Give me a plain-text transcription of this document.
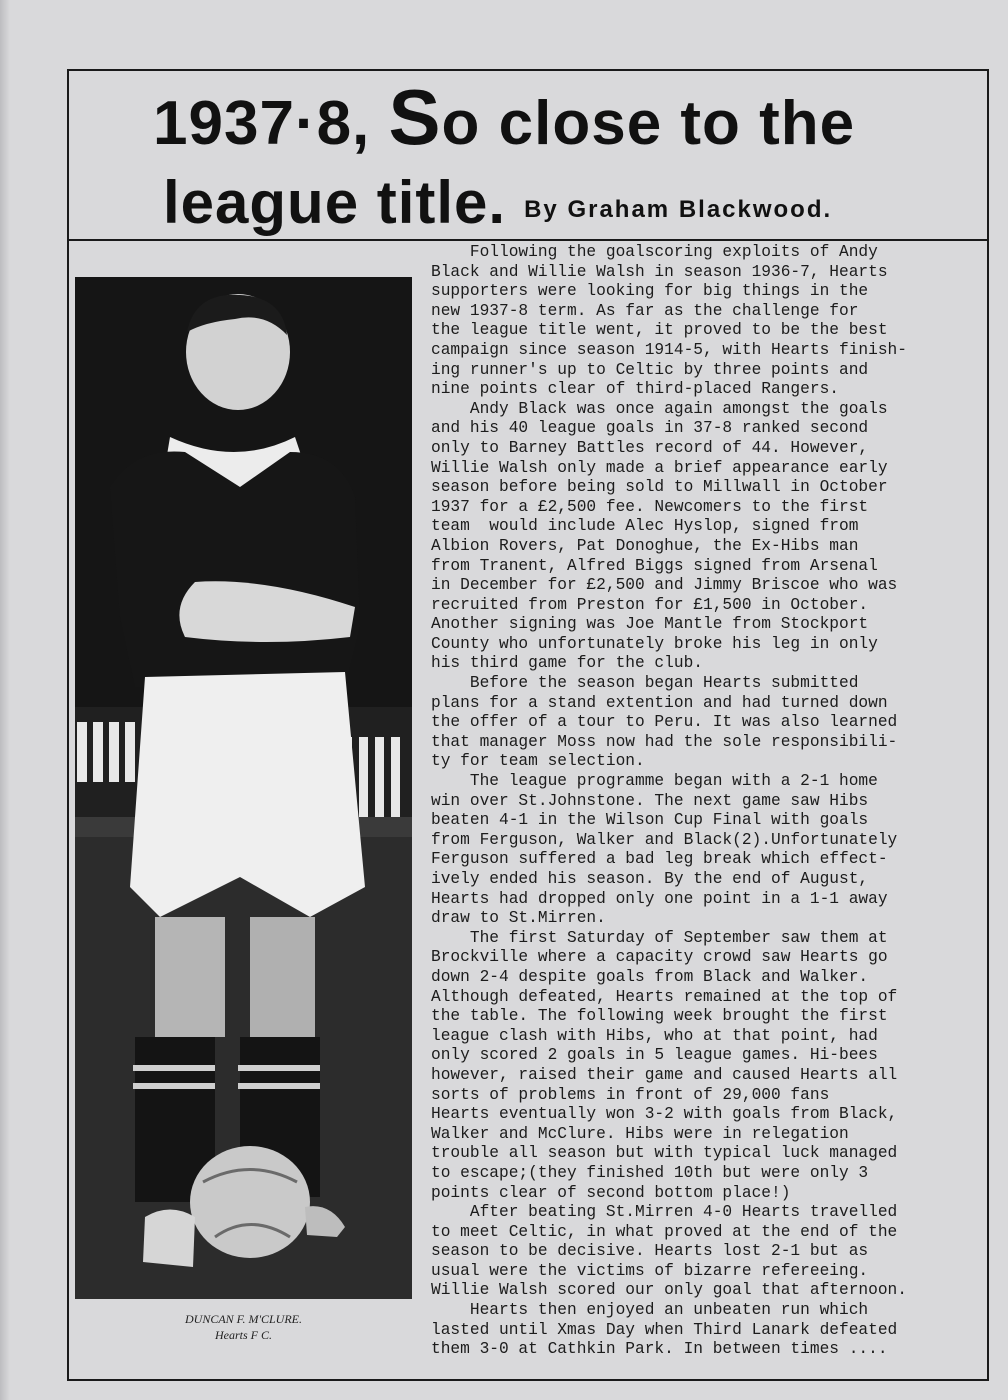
1937·8, So close to the
league title. By Graham Blackwood.
DUNCAN F. M'CLURE.
Hearts F C.
Following the goalscoring exploits of Andy
Black and Willie Walsh in season 1936-7, Hearts
supporters were looking for big things in the
new 1937-8 term. As far as the challenge for
the league title went, it proved to be the best
campaign since season 1914-5, with Hearts finish-
ing runner's up to Celtic by three points and
nine points clear of third-placed Rangers.
Andy Black was once again amongst the goals
and his 40 league goals in 37-8 ranked second
only to Barney Battles record of 44. However,
Willie Walsh only made a brief appearance early
season before being sold to Millwall in October
1937 for a £2,500 fee. Newcomers to the first
team  would include Alec Hyslop, signed from
Albion Rovers, Pat Donoghue, the Ex-Hibs man
from Tranent, Alfred Biggs signed from Arsenal
in December for £2,500 and Jimmy Briscoe who was
recruited from Preston for £1,500 in October.
Another signing was Joe Mantle from Stockport
County who unfortunately broke his leg in only
his third game for the club.
Before the season began Hearts submitted
plans for a stand extention and had turned down
the offer of a tour to Peru. It was also learned
that manager Moss now had the sole responsibili-
ty for team selection.
The league programme began with a 2-1 home
win over St.Johnstone. The next game saw Hibs
beaten 4-1 in the Wilson Cup Final with goals
from Ferguson, Walker and Black(2).Unfortunately
Ferguson suffered a bad leg break which effect-
ively ended his season. By the end of August,
Hearts had dropped only one point in a 1-1 away
draw to St.Mirren.
The first Saturday of September saw them at
Brockville where a capacity crowd saw Hearts go
down 2-4 despite goals from Black and Walker.
Although defeated, Hearts remained at the top of
the table. The following week brought the first
league clash with Hibs, who at that point, had
only scored 2 goals in 5 league games. Hi-bees
however, raised their game and caused Hearts all
sorts of problems in front of 29,000 fans
Hearts eventually won 3-2 with goals from Black,
Walker and McClure. Hibs were in relegation
trouble all season but with typical luck managed
to escape;(they finished 10th but were only 3
points clear of second bottom place!)
After beating St.Mirren 4-0 Hearts travelled
to meet Celtic, in what proved at the end of the
season to be decisive. Hearts lost 2-1 but as
usual were the victims of bizarre refereeing.
Willie Walsh scored our only goal that afternoon.
Hearts then enjoyed an unbeaten run which
lasted until Xmas Day when Third Lanark defeated
them 3-0 at Cathkin Park. In between times ....
